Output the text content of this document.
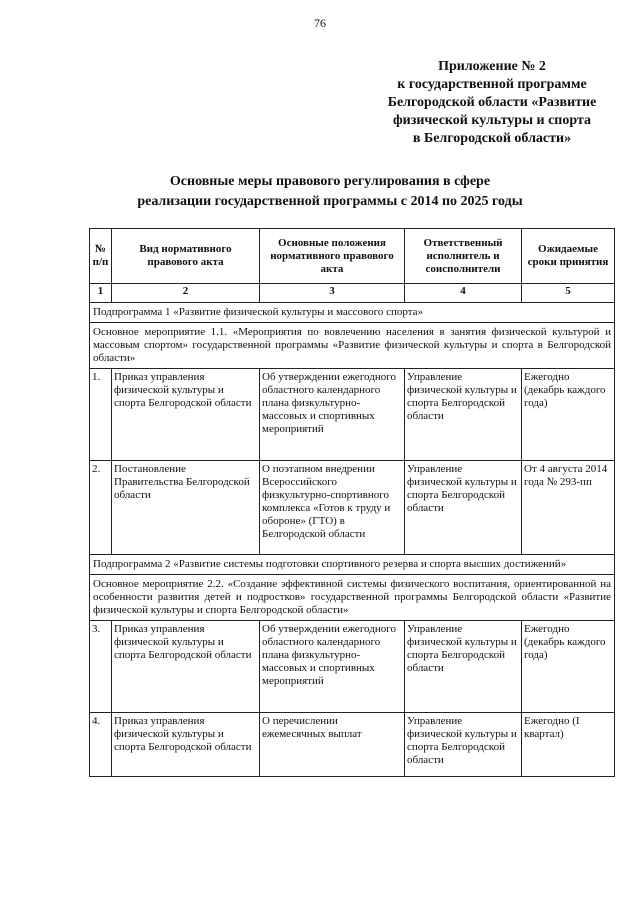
76
Приложение № 2
к государственной программе
Белгородской области «Развитие
физической культуры и спорта
в Белгородской области»
Основные меры правового регулирования в сфере
реализации государственной программы с 2014 по 2025 годы
№ п/п	Вид нормативного правового акта	Основные положения нормативного правового акта	Ответственный исполнитель и соисполнители	Ожидаемые сроки принятия
1	2	3	4	5
Подпрограмма 1 «Развитие физической культуры и массового спорта»				
Основное мероприятие 1.1. «Мероприятия по вовлечению населения в занятия физической культурой и массовым спортом» государственной программы «Развитие физической культуры и спорта в Белгородской области»				
1.	Приказ управления физической культуры и спорта Белгородской области	Об утверждении ежегодного областного календарного плана физкультурно-массовых и спортивных мероприятий	Управление физической культуры и спорта Белгородской области	Ежегодно (декабрь каждого года)
2.	Постановление Правительства Белгородской области	О поэтапном внедрении Всероссийского физкультурно-спортивного комплекса «Готов к труду и обороне» (ГТО) в Белгородской области	Управление физической культуры и спорта Белгородской области	От 4 августа 2014 года № 293-пп
Подпрограмма 2 «Развитие системы подготовки спортивного резерва и спорта высших достижений»				
Основное мероприятие 2.2. «Создание эффективной системы физического воспитания, ориентированной на особенности развития детей и подростков» государственной программы Белгородской области «Развитие физической культуры и спорта Белгородской области»				
3.	Приказ управления физической культуры и спорта Белгородской области	Об утверждении ежегодного областного календарного плана физкультурно-массовых и спортивных мероприятий	Управление физической культуры и спорта Белгородской области	Ежегодно (декабрь каждого года)
4.	Приказ управления физической культуры и спорта Белгородской области	О перечислении ежемесячных выплат	Управление физической культуры и спорта Белгородской области	Ежегодно (I квартал)
